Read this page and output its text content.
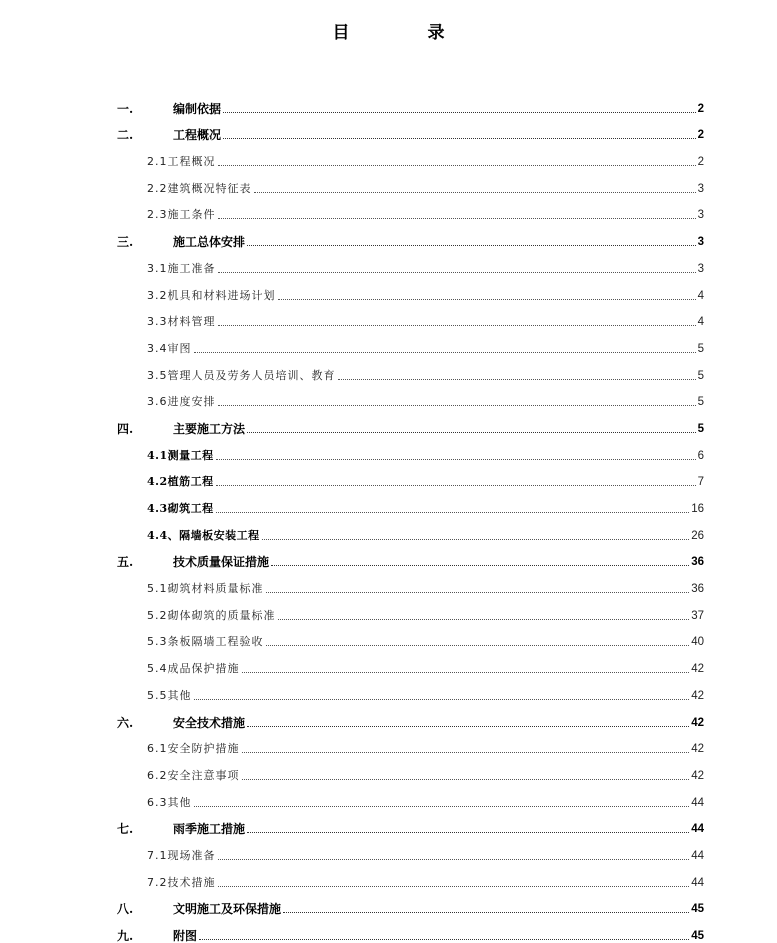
目 录
一.	编制依据	2
二.	工程概况	2
2.1工程概况	2
2.2建筑概况特征表	3
2.3施工条件	3
三.	施工总体安排	3
3.1施工准备	3
3.2机具和材料进场计划	4
3.3材料管理	4
3.4审图	5
3.5管理人员及劳务人员培训、教育	5
3.6进度安排	5
四.	主要施工方法	5
4.1测量工程	6
4.2植筋工程	7
4.3砌筑工程	16
4.4、隔墙板安装工程	26
五.	技术质量保证措施	36
5.1砌筑材料质量标准	36
5.2砌体砌筑的质量标准	37
5.3条板隔墙工程验收	40
5.4成品保护措施	42
5.5其他	42
六.	安全技术措施	42
6.1安全防护措施	42
6.2安全注意事项	42
6.3其他	44
七.	雨季施工措施	44
7.1现场准备	44
7.2技术措施	44
八.	文明施工及环保措施	45
九.	附图	45
